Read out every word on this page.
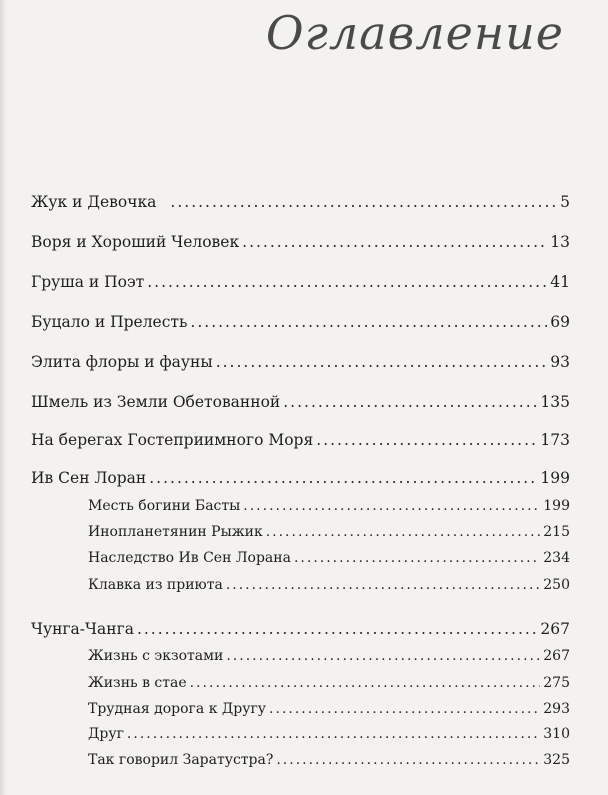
Оглавление
Жук и Девочка .....	5
Воря и Хороший Человек .....	13
Груша и Поэт .....	41
Буцало и Прелесть .....	69
Элита флоры и фауны .....	93
Шмель из Земли Обетованной .....	135
На берегах Гостеприимного Моря .....	173
Ив Сен Лоран .....	199
Месть богини Басты .....	199
Инопланетянин Рыжик .....	215
Наследство Ив Сен Лорана .....	234
Клавка из приюта .....	250
Чунга-Чанга .....	267
Жизнь с экзотами .....	267
Жизнь в стае .....	275
Трудная дорога к Другу .....	293
Друг .....	310
Так говорил Заратустра? .....	325
